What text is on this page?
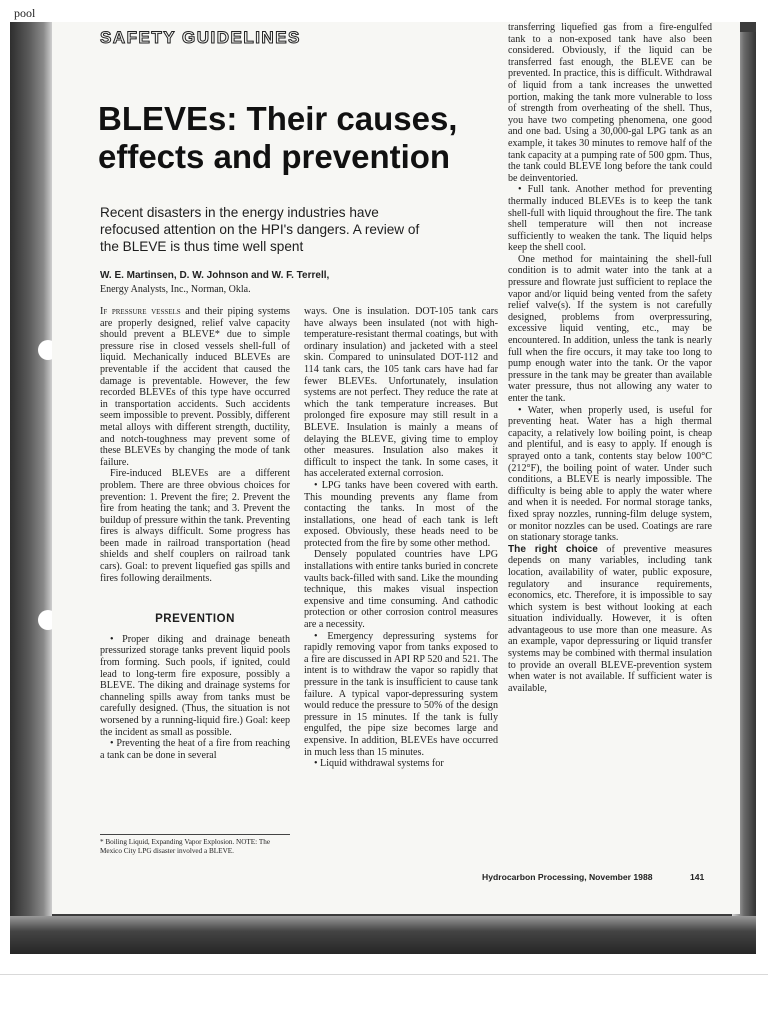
pool

SAFETY GUIDELINES
BLEVEs: Their causes, effects and prevention

Recent disasters in the energy industries have refocused attention on the HPI's dangers. A review of the BLEVE is thus time well spent

W. E. Martinsen, D. W. Johnson and W. F. Terrell,

Energy Analysts, Inc., Norman, Okla.

If pressure vessels and their piping systems are properly designed, relief valve capacity should prevent a BLEVE* due to simple pressure rise in closed vessels shell-full of liquid. Mechanically induced BLEVEs are preventable if the accident that caused the damage is preventable. However, the few recorded BLEVEs of this type have occurred in transportation accidents. Such accidents seem impossible to prevent. Possibly, different metal alloys with different strength, ductility, and notch-toughness may prevent some of these BLEVEs by changing the mode of tank failure.

Fire-induced BLEVEs are a different problem. There are three obvious choices for prevention: 1. Prevent the fire; 2. Prevent the fire from heating the tank; and 3. Prevent the buildup of pressure within the tank. Preventing fires is always difficult. Some progress has been made in railroad transportation (head shields and shelf couplers on railroad tank cars). Goal: to prevent liquefied gas spills and fires following derailments.

PREVENTION

• Proper diking and drainage beneath pressurized storage tanks prevent liquid pools from forming. Such pools, if ignited, could lead to long-term fire exposure, possibly a BLEVE. The diking and drainage systems for channeling spills away from tanks must be carefully designed. (Thus, the situation is not worsened by a running-liquid fire.) Goal: keep the incident as small as possible.

• Preventing the heat of a fire from reaching a tank can be done in several

ways. One is insulation. DOT-105 tank cars have always been insulated (not with high-temperature-resistant thermal coatings, but with ordinary insulation) and jacketed with a steel skin. Compared to uninsulated DOT-112 and 114 tank cars, the 105 tank cars have had far fewer BLEVEs. Unfortunately, insulation systems are not perfect. They reduce the rate at which the tank temperature increases. But prolonged fire exposure may still result in a BLEVE. Insulation is mainly a means of delaying the BLEVE, giving time to employ other measures. Insulation also makes it difficult to inspect the tank. In some cases, it has accelerated external corrosion.

• LPG tanks have been covered with earth. This mounding prevents any flame from contacting the tanks. In most of the installations, one head of each tank is left exposed. Obviously, these heads need to be protected from the fire by some other method.

Densely populated countries have LPG installations with entire tanks buried in concrete vaults back-filled with sand. Like the mounding technique, this makes visual inspection expensive and time consuming. And cathodic protection or other corrosion control measures are a necessity.

• Emergency depressuring systems for rapidly removing vapor from tanks exposed to a fire are discussed in API RP 520 and 521. The intent is to withdraw the vapor so rapidly that pressure in the tank is insufficient to cause tank failure. A typical vapor-depressuring system would reduce the pressure to 50% of the design pressure in 15 minutes. If the tank is fully engulfed, the pipe size becomes large and expensive. In addition, BLEVEs have occurred in much less than 15 minutes.

• Liquid withdrawal systems for

transferring liquefied gas from a fire-engulfed tank to a non-exposed tank have also been considered. Obviously, if the liquid can be transferred fast enough, the BLEVE can be prevented. In practice, this is difficult. Withdrawal of liquid from a tank increases the unwetted portion, making the tank more vulnerable to loss of strength from overheating of the shell. Thus, you have two competing phenomena, one good and one bad. Using a 30,000-gal LPG tank as an example, it takes 30 minutes to remove half of the tank capacity at a pumping rate of 500 gpm. Thus, the tank could BLEVE long before the tank could be deinventoried.

• Full tank. Another method for preventing thermally induced BLEVEs is to keep the tank shell-full with liquid throughout the fire. The tank shell temperature will then not increase sufficiently to weaken the tank. The liquid helps keep the shell cool.

One method for maintaining the shell-full condition is to admit water into the tank at a pressure and flowrate just sufficient to replace the vapor and/or liquid being vented from the safety relief valve(s). If the system is not carefully designed, problems from overpressuring, excessive liquid venting, etc., may be encountered. In addition, unless the tank is nearly full when the fire occurs, it may take too long to pump enough water into the tank. Or the vapor pressure in the tank may be greater than available water pressure, thus not allowing any water to enter the tank.

• Water, when properly used, is useful for preventing heat. Water has a high thermal capacity, a relatively low boiling point, is cheap and plentiful, and is easy to apply. If enough is sprayed onto a tank, contents stay below 100°C (212°F), the boiling point of water. Under such conditions, a BLEVE is nearly impossible. The difficulty is being able to apply the water where and when it is needed. For normal storage tanks, fixed spray nozzles, running-film deluge system, or monitor nozzles can be used. Coatings are rare on stationary storage tanks.

The right choice of preventive measures depends on many variables, including tank location, availability of water, public exposure, regulatory and insurance requirements, economics, etc. Therefore, it is impossible to say which system is best without looking at each situation individually. However, it is often advantageous to use more than one measure. As an example, vapor depressuring or liquid transfer systems may be combined with thermal insulation to provide an overall BLEVE-prevention system when water is not available. If sufficient water is available,

* Boiling Liquid, Expanding Vapor Explosion. NOTE: The Mexico City LPG disaster involved a BLEVE.

Hydrocarbon Processing, November 1988	141
